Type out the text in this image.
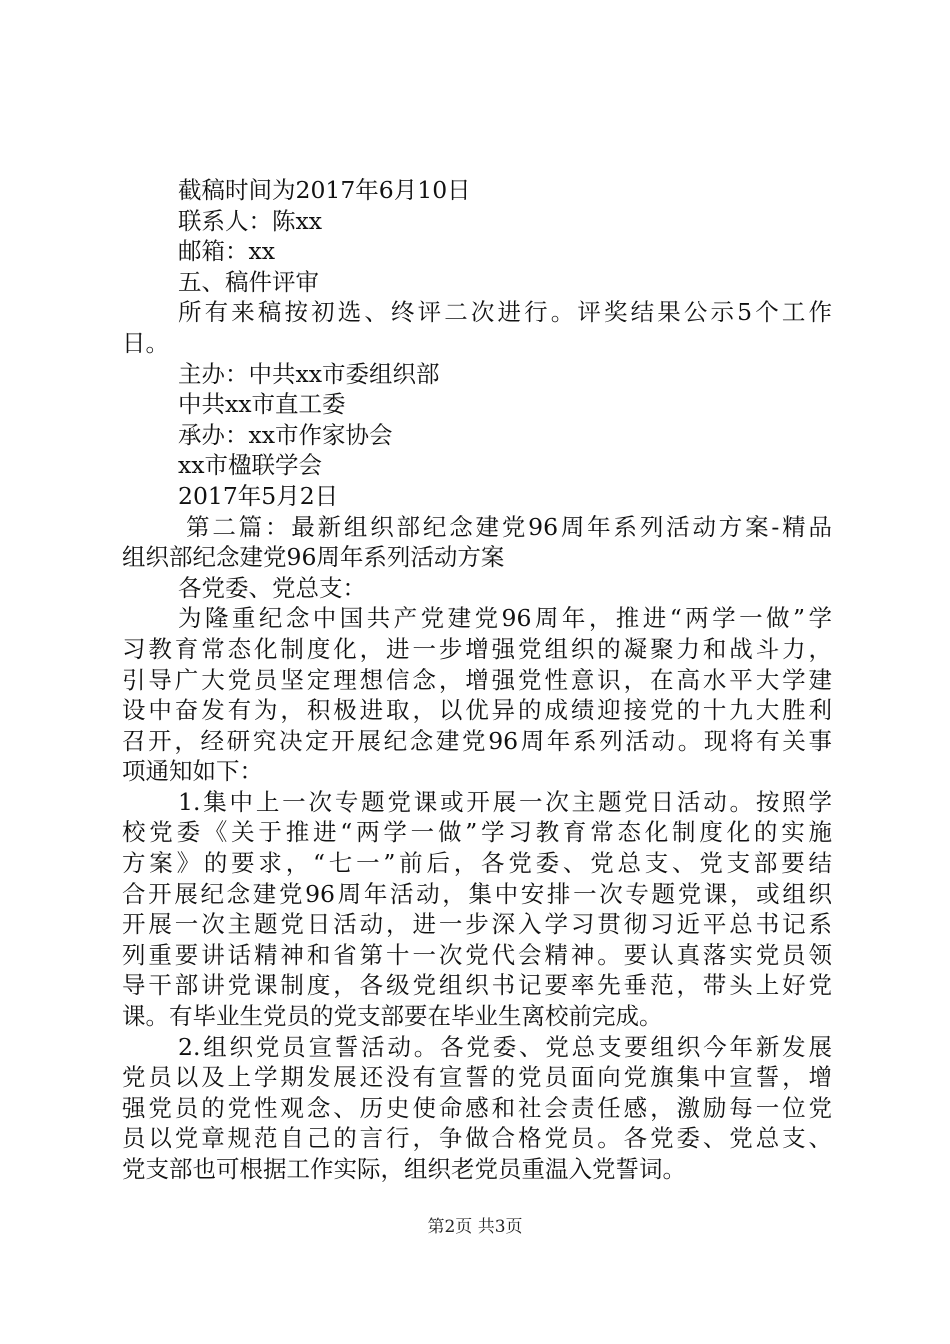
截稿时间为2017年6月10日
联系人：陈xx
邮箱：xx
五、稿件评审
所有来稿按初选、终评二次进行。评奖结果公示5个工作
日。
主办：中共xx市委组织部
中共xx市直工委
承办：xx市作家协会
xx市楹联学会
2017年5月2日
第二篇：最新组织部纪念建党96周年系列活动方案-精品
组织部纪念建党96周年系列活动方案
各党委、党总支：
为隆重纪念中国共产党建党96周年，推进“两学一做”学
习教育常态化制度化，进一步增强党组织的凝聚力和战斗力，
引导广大党员坚定理想信念，增强党性意识，在高水平大学建
设中奋发有为，积极进取，以优异的成绩迎接党的十九大胜利
召开，经研究决定开展纪念建党96周年系列活动。现将有关事
项通知如下：
1.集中上一次专题党课或开展一次主题党日活动。按照学
校党委《关于推进“两学一做”学习教育常态化制度化的实施
方案》的要求，“七一”前后，各党委、党总支、党支部要结
合开展纪念建党96周年活动，集中安排一次专题党课，或组织
开展一次主题党日活动，进一步深入学习贯彻习近平总书记系
列重要讲话精神和省第十一次党代会精神。要认真落实党员领
导干部讲党课制度，各级党组织书记要率先垂范，带头上好党
课。有毕业生党员的党支部要在毕业生离校前完成。
2.组织党员宣誓活动。各党委、党总支要组织今年新发展
党员以及上学期发展还没有宣誓的党员面向党旗集中宣誓，增
强党员的党性观念、历史使命感和社会责任感，激励每一位党
员以党章规范自己的言行，争做合格党员。各党委、党总支、
党支部也可根据工作实际，组织老党员重温入党誓词。
第2页 共3页
